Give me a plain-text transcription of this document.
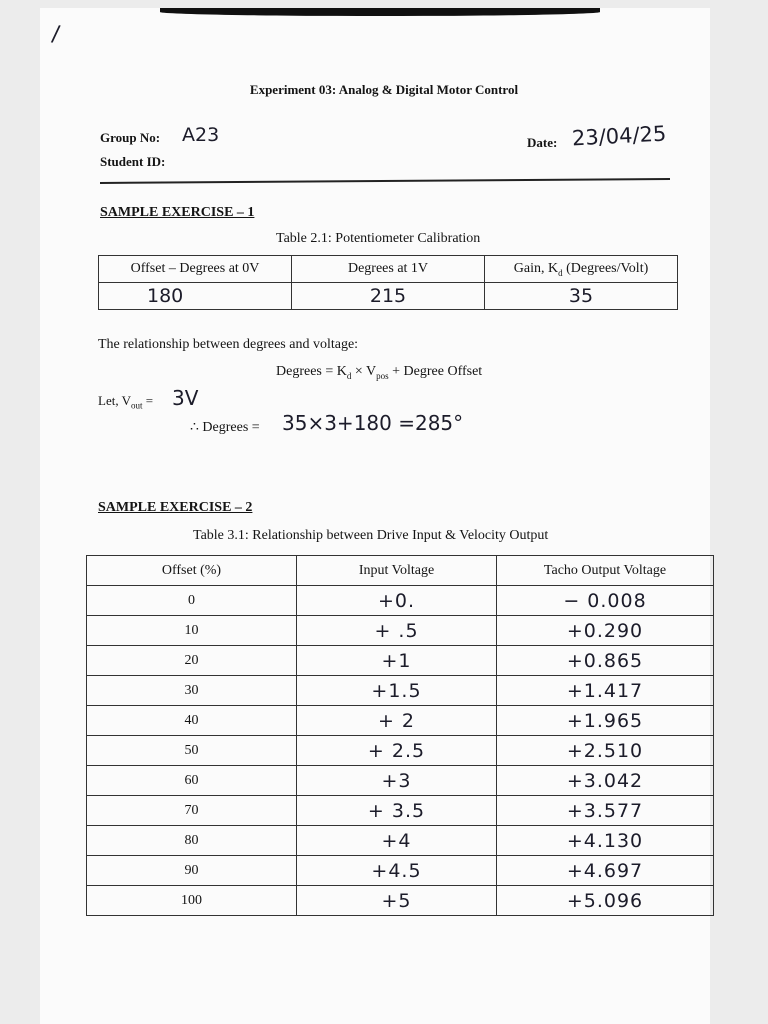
/
Experiment 03: Analog & Digital Motor Control
Group No: A23	Date: 23/04/25
Student ID:
SAMPLE EXERCISE – 1
Table 2.1: Potentiometer Calibration
Offset – Degrees at 0V	Degrees at 1V	Gain, $K_d$ (Degrees/Volt)
180	215	35
The relationship between degrees and voltage:
Degrees = $K_d \times V_{pos}$ + Degree Offset
Let, $V_{out} = 3V$
∴ Degrees = 35×3+180 =285°
SAMPLE EXERCISE – 2
Table 3.1: Relationship between Drive Input & Velocity Output
Offset (%)	Input Voltage	Tacho Output Voltage
0	+0.	− 0.008
10	+ .5	+0.290
20	+1	+0.865
30	+1.5	+1.417
40	+ 2	+1.965
50	+ 2.5	+2.510
60	+3	+3.042
70	+ 3.5	+3.577
80	+4	+4.130
90	+4.5	+4.697
100	+5	+5.096
